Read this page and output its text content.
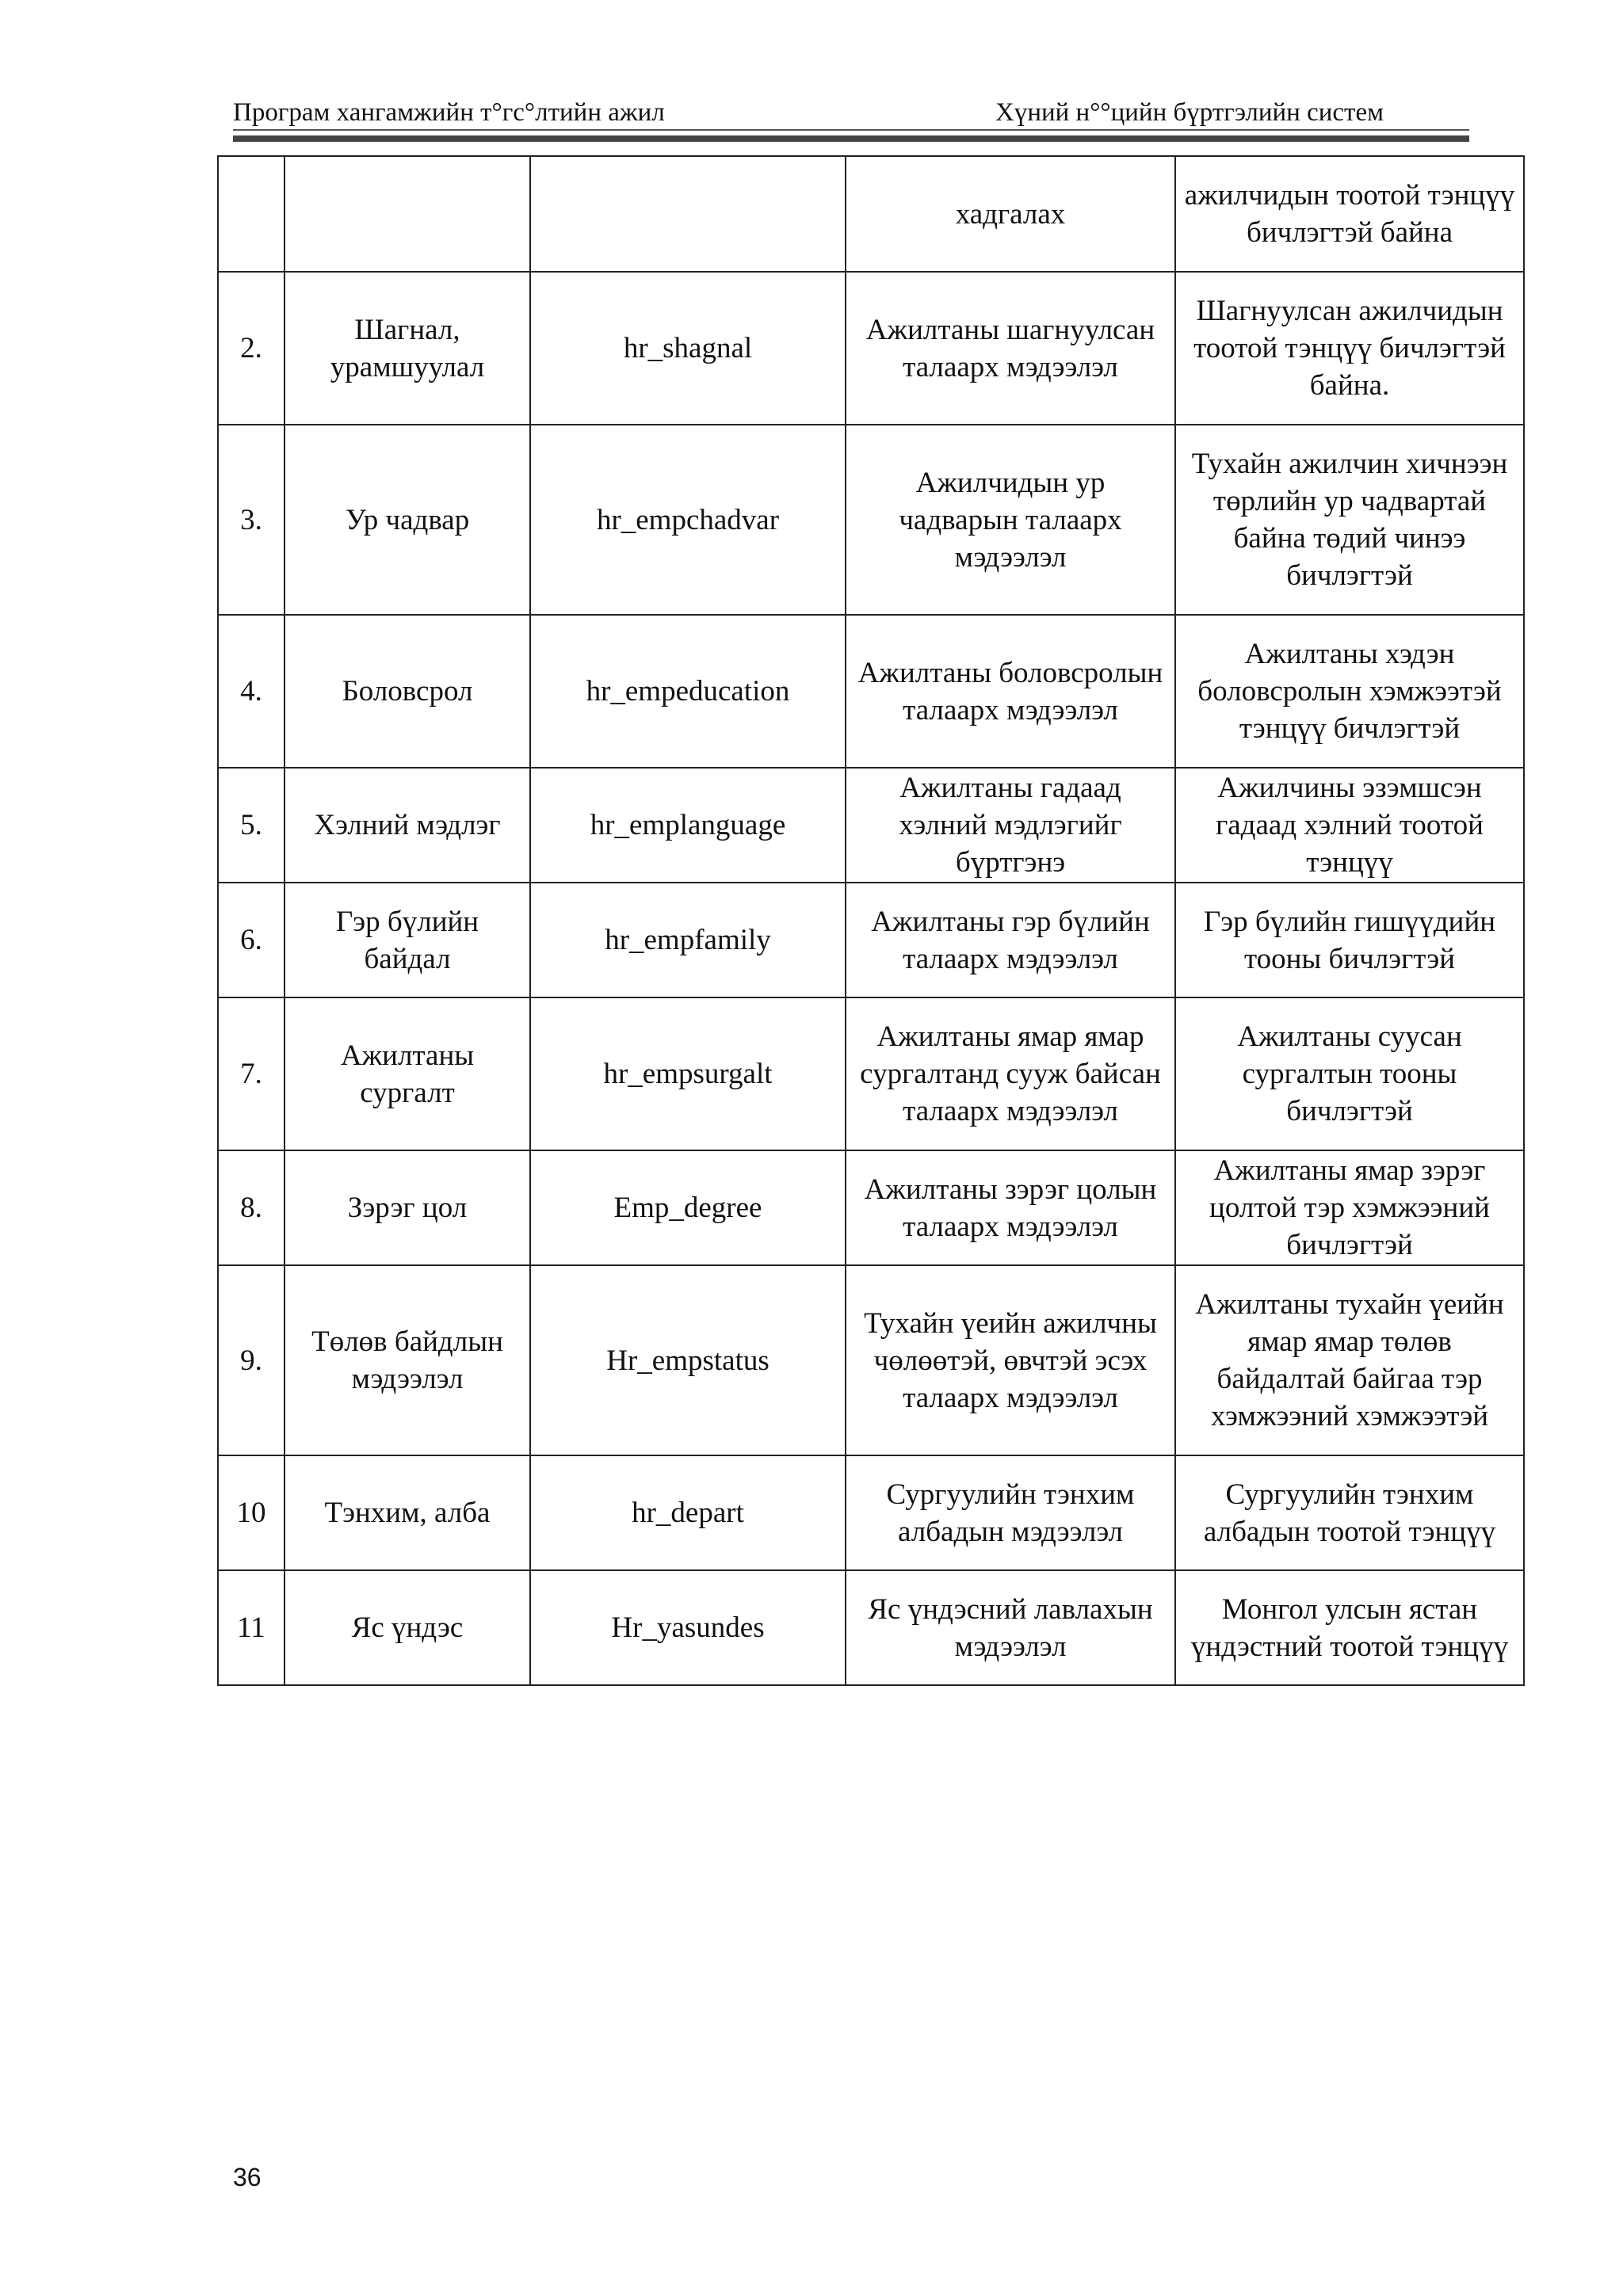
Програм хангамжийн т°гс°лтийн ажил	Хүний н°°цийн бүртгэлийн систем
			хадгалах	ажилчидын тоотой тэнцүү бичлэгтэй байна
2.	Шагнал, урамшуулал	hr_shagnal	Ажилтаны шагнуулсан талаарх мэдээлэл	Шагнуулсан ажилчидын тоотой тэнцүү бичлэгтэй байна.
3.	Ур чадвар	hr_empchadvar	Ажилчидын ур чадварын талаарх мэдээлэл	Тухайн ажилчин хичнээн төрлийн ур чадвартай байна төдий чинээ бичлэгтэй
4.	Боловсрол	hr_empeducation	Ажилтаны боловсролын талаарх мэдээлэл	Ажилтаны хэдэн боловсролын хэмжээтэй тэнцүү бичлэгтэй
5.	Хэлний мэдлэг	hr_emplanguage	Ажилтаны гадаад хэлний мэдлэгийг бүртгэнэ	Ажилчины эзэмшсэн гадаад хэлний тоотой тэнцүү
6.	Гэр бүлийн байдал	hr_empfamily	Ажилтаны гэр бүлийн талаарх мэдээлэл	Гэр бүлийн гишүүдийн тооны бичлэгтэй
7.	Ажилтаны сургалт	hr_empsurgalt	Ажилтаны ямар ямар сургалтанд сууж байсан талаарх мэдээлэл	Ажилтаны суусан сургалтын тооны бичлэгтэй
8.	Зэрэг цол	Emp_degree	Ажилтаны зэрэг цолын талаарх мэдээлэл	Ажилтаны ямар зэрэг цолтой тэр хэмжээний бичлэгтэй
9.	Төлөв байдлын мэдээлэл	Hr_empstatus	Тухайн үеийн ажилчны чөлөөтэй, өвчтэй эсэх талаарх мэдээлэл	Ажилтаны тухайн үеийн ямар ямар төлөв байдалтай байгаа тэр хэмжээний хэмжээтэй
10	Тэнхим, алба	hr_depart	Сургуулийн тэнхим албадын мэдээлэл	Сургуулийн тэнхим албадын тоотой тэнцүү
11	Яс үндэс	Hr_yasundes	Яс үндэсний лавлахын мэдээлэл	Монгол улсын ястан үндэстний тоотой тэнцүү
36
